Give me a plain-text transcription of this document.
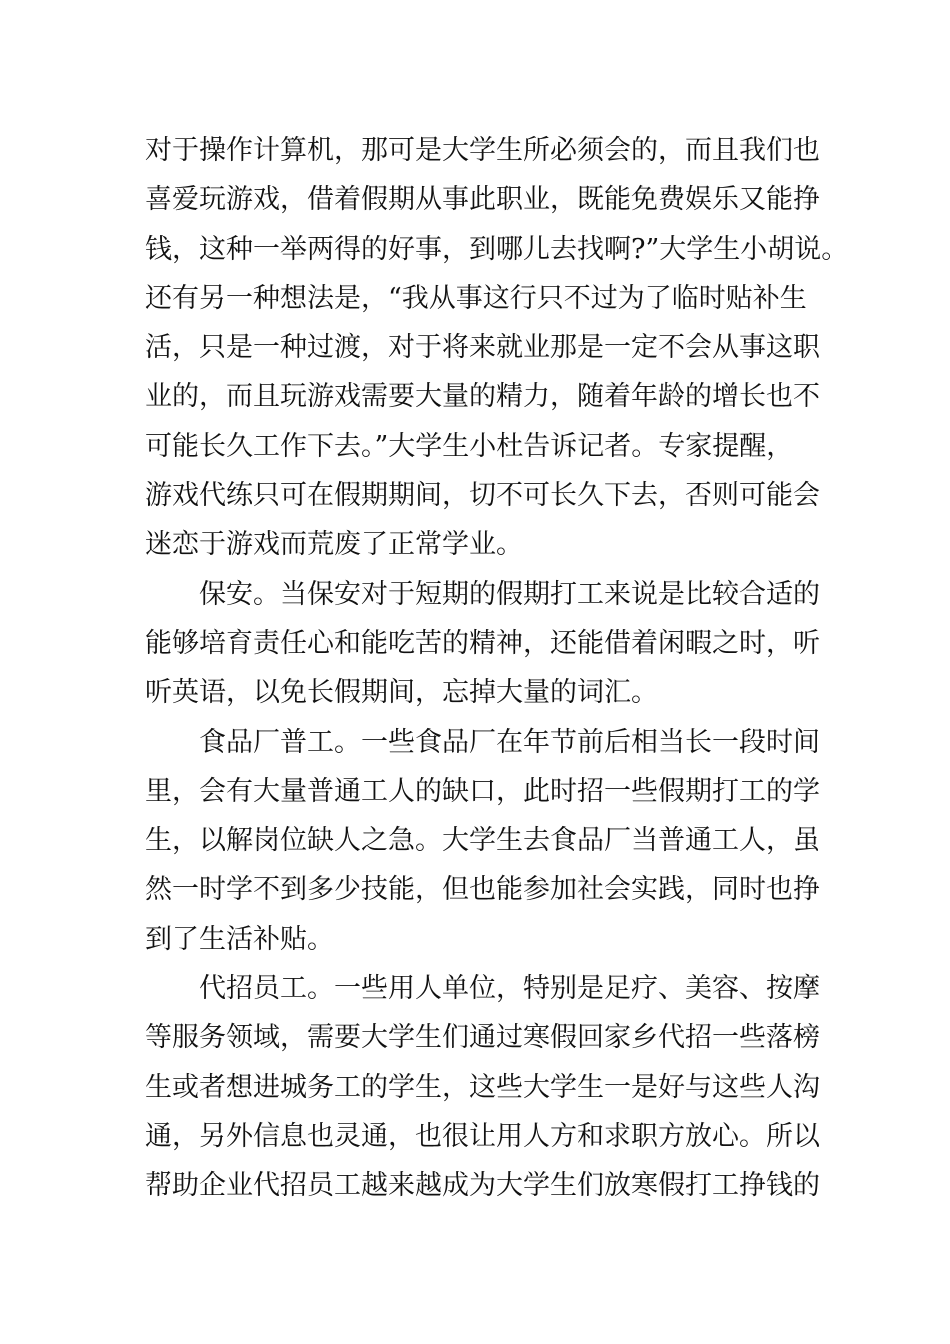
对于操作计算机，那可是大学生所必须会的，而且我们也
喜爱玩游戏，借着假期从事此职业，既能免费娱乐又能挣
钱，这种一举两得的好事，到哪儿去找啊?”大学生小胡说。
还有另一种想法是，“我从事这行只不过为了临时贴补生
活，只是一种过渡，对于将来就业那是一定不会从事这职
业的，而且玩游戏需要大量的精力，随着年龄的增长也不
可能长久工作下去。”大学生小杜告诉记者。专家提醒，
游戏代练只可在假期期间，切不可长久下去，否则可能会
迷恋于游戏而荒废了正常学业。
保安。当保安对于短期的假期打工来说是比较合适的
能够培育责任心和能吃苦的精神，还能借着闲暇之时，听
听英语，以免长假期间，忘掉大量的词汇。
食品厂普工。一些食品厂在年节前后相当长一段时间
里，会有大量普通工人的缺口，此时招一些假期打工的学
生，以解岗位缺人之急。大学生去食品厂当普通工人，虽
然一时学不到多少技能，但也能参加社会实践，同时也挣
到了生活补贴。
代招员工。一些用人单位，特别是足疗、美容、按摩
等服务领域，需要大学生们通过寒假回家乡代招一些落榜
生或者想进城务工的学生，这些大学生一是好与这些人沟
通，另外信息也灵通，也很让用人方和求职方放心。所以
帮助企业代招员工越来越成为大学生们放寒假打工挣钱的
